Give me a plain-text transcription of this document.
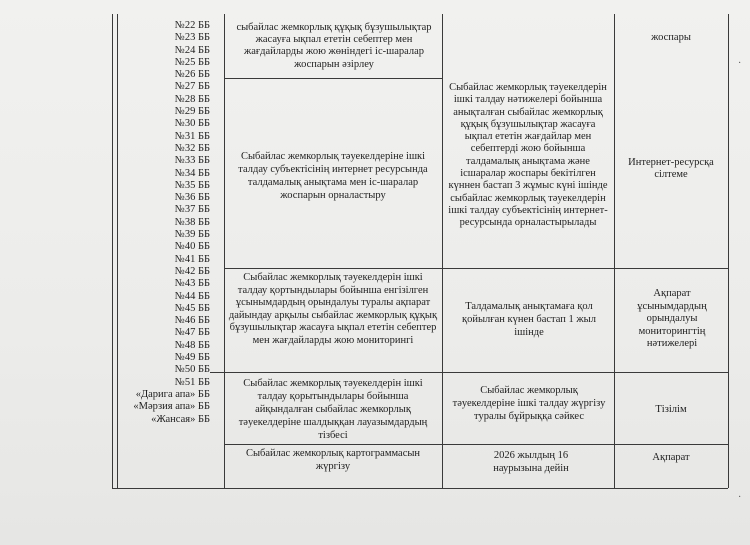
№22 ББ
№23 ББ
№24 ББ
№25 ББ
№26 ББ
№27 ББ
№28 ББ
№29 ББ
№30 ББ
№31 ББ
№32 ББ
№33 ББ
№34 ББ
№35 ББ
№36 ББ
№37 ББ
№38 ББ
№39 ББ
№40 ББ
№41 ББ
№42 ББ
№43 ББ
№44 ББ
№45 ББ
№46 ББ
№47 ББ
№48 ББ
№49 ББ
№50 ББ
№51 ББ
«Дарига апа» ББ
«Мәрзия апа» ББ
«Жансая» ББ
сыбайлас жемкорлық құқық бұзушылықтар жасауға ықпал ететін себептер мен жағдайларды жою жөніндегі іс-шаралар жоспарын әзірлеу
жоспары
Сыбайлас жемкорлық тәуекелдеріне ішкі талдау субъектісінің интернет ресурсында талдамалық анықтама мен іс-шаралар жоспарын орналастыру
Сыбайлас жемкорлық тәуекелдерін ішкі талдау нәтижелері бойынша анықталған сыбайлас жемкорлық құқық бұзушылықтар жасауға ықпал ететін жағдайлар мен себептерді жою бойынша талдамалық анықтама және ісшаралар жоспары бекітілген күннен бастап 3 жұмыс күні ішінде сыбайлас жемкорлық тәуекелдерін ішкі талдау субъектісінің интернет-ресурсында орналастырылады
Интернет-ресурсқа сілтеме
Сыбайлас жемкорлық тәуекелдерін ішкі талдау қортындылары бойынша енгізілген ұсынымдардың орындалуы туралы ақпарат дайындау арқылы сыбайлас жемкорлық құқық бұзушылықтар жасауға ықпал ететін себептер мен жағдайларды жою мониторингі
Талдамалық анықтамаға қол қойылған күнен бастап 1 жыл ішінде
Ақпарат ұсынымдардың орындалуы мониторингтің нәтижелері
Сыбайлас жемкорлық тәуекелдерін ішкі талдау қорытындылары бойынша айқындалған сыбайлас жемкорлық тәуекелдеріне шалдыққан лауазымдардың тізбесі
Сыбайлас жемкорлық тәуекелдеріне ішкі талдау жүргізу туралы бұйрыққа сәйкес
Тізілім
Сыбайлас жемкорлық картограммасын жүргізу
2026 жылдың 16 наурызына дейін
Ақпарат
·
·
